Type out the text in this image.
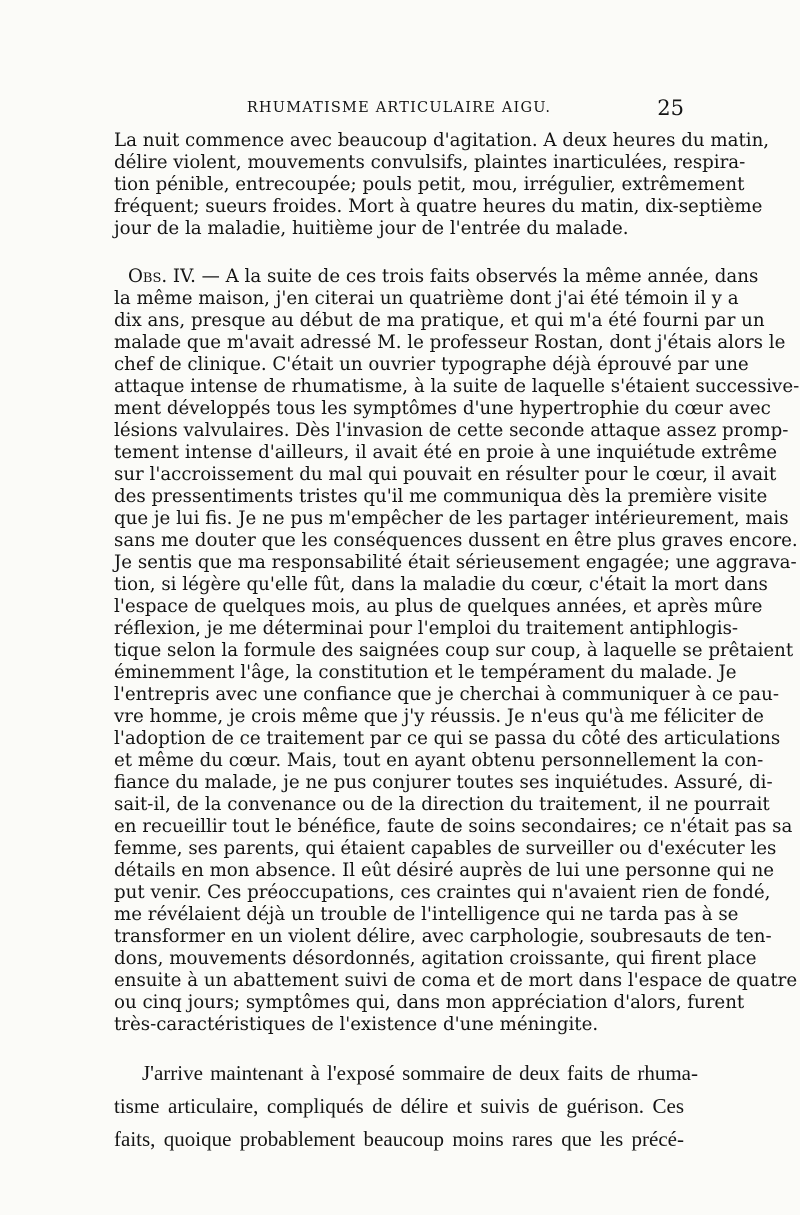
RHUMATISME ARTICULAIRE AIGU.	25
La nuit commence avec beaucoup d'agitation. A deux heures du matin,
délire violent, mouvements convulsifs, plaintes inarticulées, respira-
tion pénible, entrecoupée; pouls petit, mou, irrégulier, extrêmement
fréquent; sueurs froides. Mort à quatre heures du matin, dix-septième
jour de la maladie, huitième jour de l'entrée du malade.
Obs. IV. — A la suite de ces trois faits observés la même année, dans
la même maison, j'en citerai un quatrième dont j'ai été témoin il y a
dix ans, presque au début de ma pratique, et qui m'a été fourni par un
malade que m'avait adressé M. le professeur Rostan, dont j'étais alors le
chef de clinique. C'était un ouvrier typographe déjà éprouvé par une
attaque intense de rhumatisme, à la suite de laquelle s'étaient successive-
ment développés tous les symptômes d'une hypertrophie du cœur avec
lésions valvulaires. Dès l'invasion de cette seconde attaque assez promp-
tement intense d'ailleurs, il avait été en proie à une inquiétude extrême
sur l'accroissement du mal qui pouvait en résulter pour le cœur, il avait
des pressentiments tristes qu'il me communiqua dès la première visite
que je lui fis. Je ne pus m'empêcher de les partager intérieurement, mais
sans me douter que les conséquences dussent en être plus graves encore.
Je sentis que ma responsabilité était sérieusement engagée; une aggrava-
tion, si légère qu'elle fût, dans la maladie du cœur, c'était la mort dans
l'espace de quelques mois, au plus de quelques années, et après mûre
réflexion, je me déterminai pour l'emploi du traitement antiphlogis-
tique selon la formule des saignées coup sur coup, à laquelle se prêtaient
éminemment l'âge, la constitution et le tempérament du malade. Je
l'entrepris avec une confiance que je cherchai à communiquer à ce pau-
vre homme, je crois même que j'y réussis. Je n'eus qu'à me féliciter de
l'adoption de ce traitement par ce qui se passa du côté des articulations
et même du cœur. Mais, tout en ayant obtenu personnellement la con-
fiance du malade, je ne pus conjurer toutes ses inquiétudes. Assuré, di-
sait-il, de la convenance ou de la direction du traitement, il ne pourrait
en recueillir tout le bénéfice, faute de soins secondaires; ce n'était pas sa
femme, ses parents, qui étaient capables de surveiller ou d'exécuter les
détails en mon absence. Il eût désiré auprès de lui une personne qui ne
put venir. Ces préoccupations, ces craintes qui n'avaient rien de fondé,
me révélaient déjà un trouble de l'intelligence qui ne tarda pas à se
transformer en un violent délire, avec carphologie, soubresauts de ten-
dons, mouvements désordonnés, agitation croissante, qui firent place
ensuite à un abattement suivi de coma et de mort dans l'espace de quatre
ou cinq jours; symptômes qui, dans mon appréciation d'alors, furent
très-caractéristiques de l'existence d'une méningite.
J'arrive maintenant à l'exposé sommaire de deux faits de rhuma-
tisme articulaire, compliqués de délire et suivis de guérison. Ces
faits, quoique probablement beaucoup moins rares que les précé-
